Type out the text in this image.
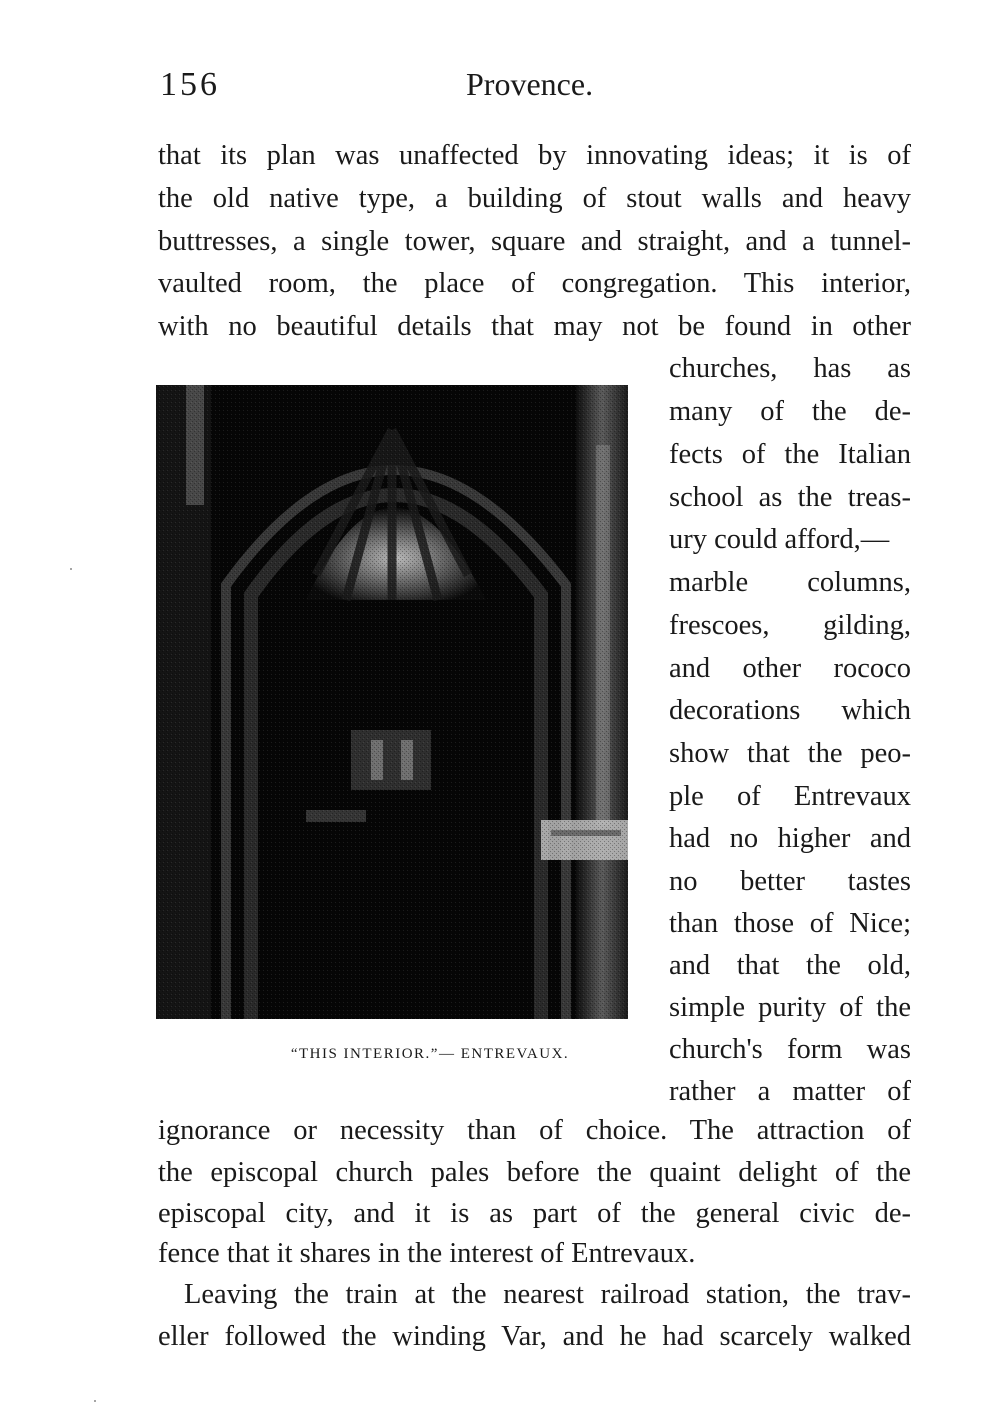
156	Provence.
that its plan was unaffected by innovating ideas; it is of
the old native type, a building of stout walls and heavy
buttresses, a single tower, square and straight, and a tunnel-
vaulted room, the place of congregation. This interior,
with no beautiful details that may not be found in other
churches, has as
many of the de-
fects of the Italian
school as the treas-
ury could afford,—
marble columns,
frescoes, gilding,
and other rococo
decorations which
show that the peo-
ple of Entrevaux
had no higher and
no better tastes
than those of Nice;
and that the old,
simple purity of the
church's form was
rather a matter of
ignorance or necessity than of choice. The attraction of
the episcopal church pales before the quaint delight of the
episcopal city, and it is as part of the general civic de-
fence that it shares in the interest of Entrevaux.
Leaving the train at the nearest railroad station, the trav-
eller followed the winding Var, and he had scarcely walked
“THIS INTERIOR.”— ENTREVAUX.
